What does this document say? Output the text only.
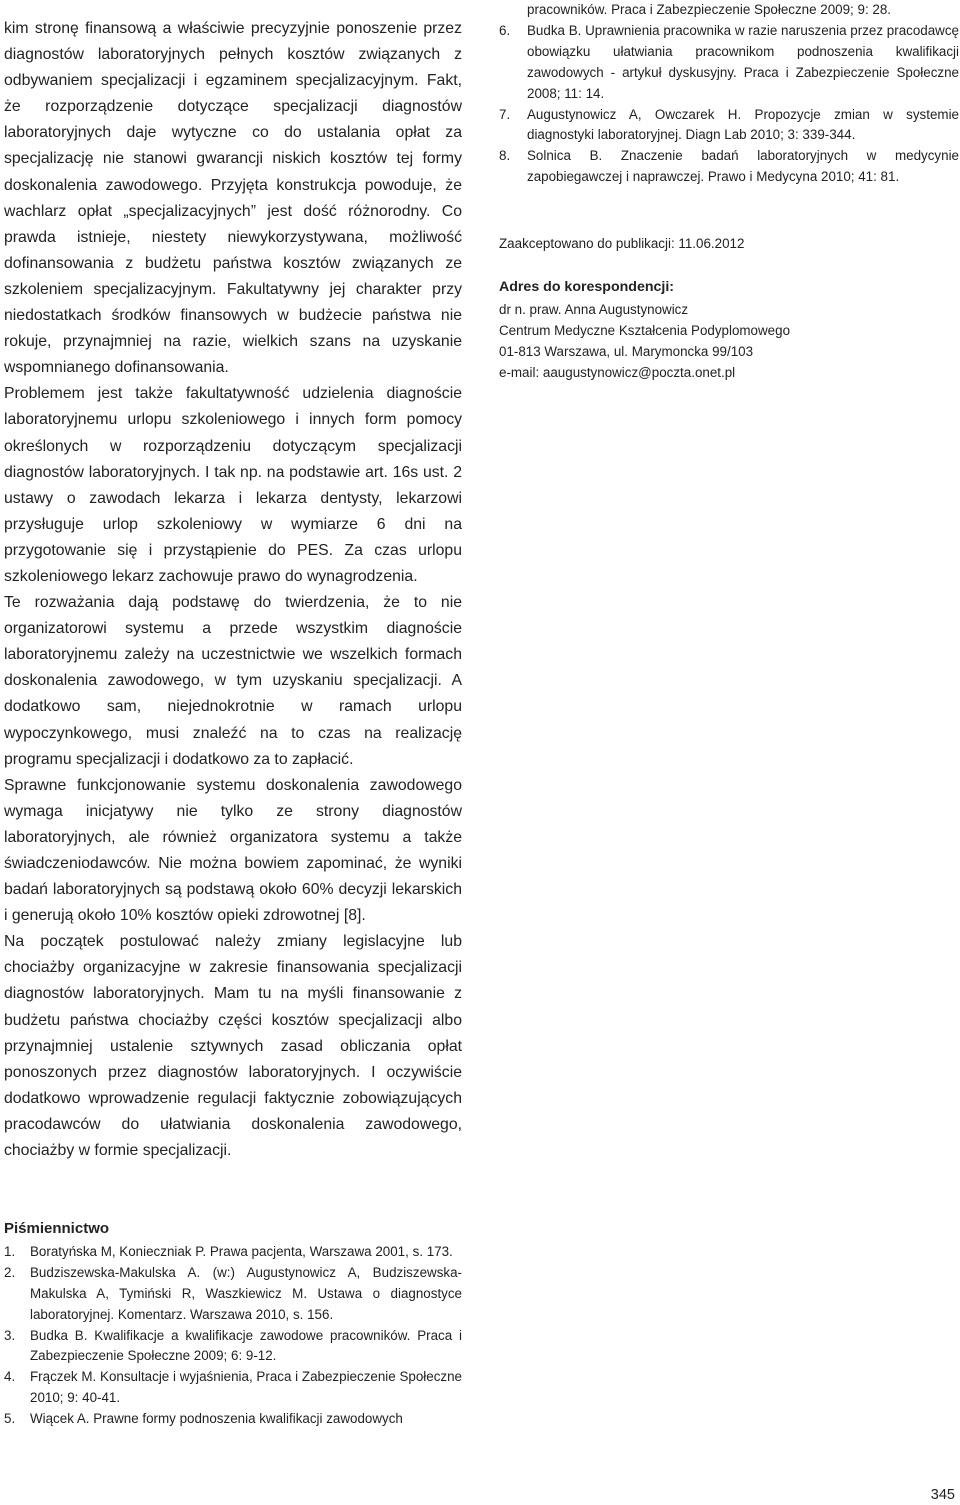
kim stronę finansową a właściwie precyzyjnie ponoszenie przez diagnostów laboratoryjnych pełnych kosztów związanych z odbywaniem specjalizacji i egzaminem specjalizacyjnym. Fakt, że rozporządzenie dotyczące specjalizacji diagnostów laboratoryjnych daje wytyczne co do ustalania opłat za specjalizację nie stanowi gwarancji niskich kosztów tej formy doskonalenia zawodowego. Przyjęta konstrukcja powoduje, że wachlarz opłat „specjalizacyjnych” jest dość różnorodny. Co prawda istnieje, niestety niewykorzystywana, możliwość dofinansowania z budżetu państwa kosztów związanych ze szkoleniem specjalizacyjnym. Fakultatywny jej charakter przy niedostatkach środków finansowych w budżecie państwa nie rokuje, przynajmniej na razie, wielkich szans na uzyskanie wspomnianego dofinansowania.

Problemem jest także fakultatywność udzielenia diagnoście laboratoryjnemu urlopu szkoleniowego i innych form pomocy określonych w rozporządzeniu dotyczącym specjalizacji diagnostów laboratoryjnych. I tak np. na podstawie art. 16s ust. 2 ustawy o zawodach lekarza i lekarza dentysty, lekarzowi przysługuje urlop szkoleniowy w wymiarze 6 dni na przygotowanie się i przystąpienie do PES. Za czas urlopu szkoleniowego lekarz zachowuje prawo do wynagrodzenia.

Te rozważania dają podstawę do twierdzenia, że to nie organizatorowi systemu a przede wszystkim diagnoście laboratoryjnemu zależy na uczestnictwie we wszelkich formach doskonalenia zawodowego, w tym uzyskaniu specjalizacji. A dodatkowo sam, niejednokrotnie w ramach urlopu wypoczynkowego, musi znaleźć na to czas na realizację programu specjalizacji i dodatkowo za to zapłacić.

Sprawne funkcjonowanie systemu doskonalenia zawodowego wymaga inicjatywy nie tylko ze strony diagnostów laboratoryjnych, ale również organizatora systemu a także świadczeniodawców. Nie można bowiem zapominać, że wyniki badań laboratoryjnych są podstawą około 60% decyzji lekarskich i generują około 10% kosztów opieki zdrowotnej [8].

Na początek postulować należy zmiany legislacyjne lub chociażby organizacyjne w zakresie finansowania specjalizacji diagnostów laboratoryjnych. Mam tu na myśli finansowanie z budżetu państwa chociażby części kosztów specjalizacji albo przynajmniej ustalenie sztywnych zasad obliczania opłat ponoszonych przez diagnostów laboratoryjnych. I oczywiście dodatkowo wprowadzenie regulacji faktycznie zobowiązujących pracodawców do ułatwiania doskonalenia zawodowego, chociażby w formie specjalizacji.

Piśmiennictwo
1.	Boratyńska M, Konieczniak P. Prawa pacjenta, Warszawa 2001, s. 173.
2.	Budziszewska-Makulska A. (w:) Augustynowicz A, Budziszewska-Makulska A, Tymiński R, Waszkiewicz M. Ustawa o diagnostyce laboratoryjnej. Komentarz. Warszawa 2010, s. 156.
3.	Budka B. Kwalifikacje a kwalifikacje zawodowe pracowników. Praca i Zabezpieczenie Społeczne 2009; 6: 9-12.
4.	Frączek M. Konsultacje i wyjaśnienia, Praca i Zabezpieczenie Społeczne 2010; 9: 40-41.
5.	Wiącek A. Prawne formy podnoszenia kwalifikacji zawodowych
pracowników. Praca i Zabezpieczenie Społeczne 2009; 9: 28.
6.	Budka B. Uprawnienia pracownika w razie naruszenia przez pracodawcę obowiązku ułatwiania pracownikom podnoszenia kwalifikacji zawodowych - artykuł dyskusyjny. Praca i Zabezpieczenie Społeczne 2008; 11: 14.
7.	Augustynowicz A, Owczarek H. Propozycje zmian w systemie diagnostyki laboratoryjnej. Diagn Lab 2010; 3: 339-344.
8.	Solnica B. Znaczenie badań laboratoryjnych w medycynie zapobiegawczej i naprawczej. Prawo i Medycyna 2010; 41: 81.
Zaakceptowano do publikacji: 11.06.2012
Adres do korespondencji:
dr n. praw. Anna Augustynowicz
Centrum Medyczne Kształcenia Podyplomowego
01-813 Warszawa, ul. Marymoncka 99/103
e-mail: aaugustynowicz@poczta.onet.pl
345
